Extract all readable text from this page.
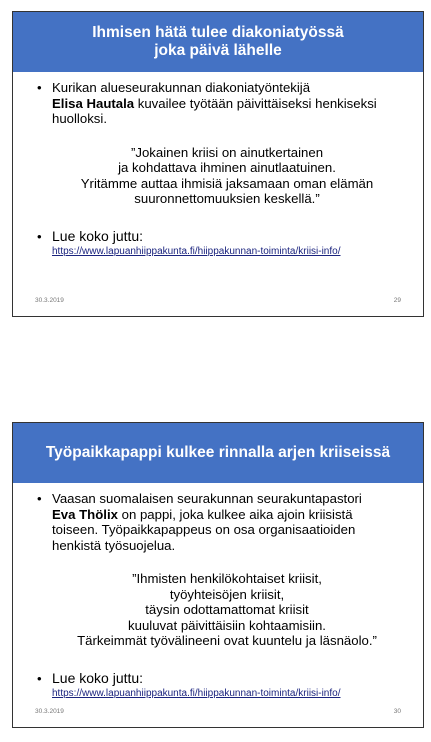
Ihmisen hätä tulee diakoniatyössä
joka päivä lähelle
• Kurikan alueseurakunnan diakoniatyöntekijä
Elisa Hautala kuvailee työtään päivittäiseksi henkiseksi
huolloksi.
”Jokainen kriisi on ainutkertainen
ja kohdattava ihminen ainutlaatuinen.
Yritämme auttaa ihmisiä jaksamaan oman elämän
suuronnettomuuksien keskellä.”
• Lue koko juttu:
https://www.lapuanhiippakunta.fi/hiippakunnan-toiminta/kriisi-info/
30.3.2019	29
Työpaikkapappi kulkee rinnalla arjen kriiseissä
• Vaasan suomalaisen seurakunnan seurakuntapastori
Eva Thölix on pappi, joka kulkee aika ajoin kriisistä
toiseen. Työpaikkapappeus on osa organisaatioiden
henkistä työsuojelua.
”Ihmisten henkilökohtaiset kriisit,
työyhteisöjen kriisit,
täysin odottamattomat kriisit
kuuluvat päivittäisiin kohtaamisiin.
Tärkeimmät työvälineeni ovat kuuntelu ja läsnäolo.”
• Lue koko juttu:
https://www.lapuanhiippakunta.fi/hiippakunnan-toiminta/kriisi-info/
30.3.2019	30
